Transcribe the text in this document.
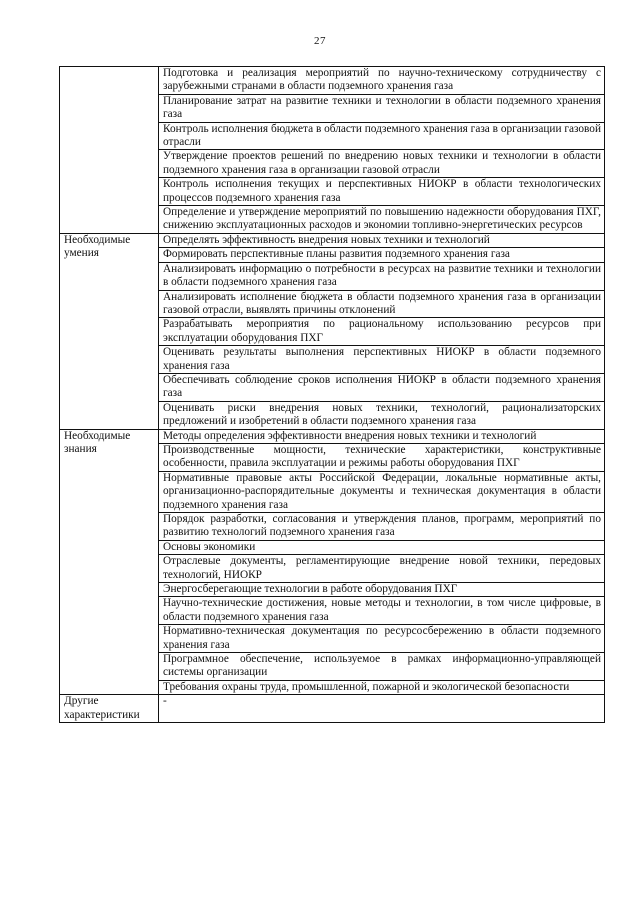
27
	Подготовка и реализация мероприятий по научно-техническому сотрудничеству с зарубежными странами в области подземного хранения газа
	Планирование затрат на развитие техники и технологии в области подземного хранения газа
	Контроль исполнения бюджета в области подземного хранения газа в организации газовой отрасли
	Утверждение проектов решений по внедрению новых техники и технологии в области подземного хранения газа в организации газовой отрасли
	Контроль исполнения текущих и перспективных НИОКР в области технологических процессов подземного хранения газа
	Определение и утверждение мероприятий по повышению надежности оборудования ПХГ, снижению эксплуатационных расходов и экономии топливно-энергетических ресурсов
Необходимые умения	Определять эффективность внедрения новых техники и технологий
	Формировать перспективные планы развития подземного хранения газа
	Анализировать информацию о потребности в ресурсах на развитие техники и технологии в области подземного хранения газа
	Анализировать исполнение бюджета в области подземного хранения газа в организации газовой отрасли, выявлять причины отклонений
	Разрабатывать мероприятия по рациональному использованию ресурсов при эксплуатации оборудования ПХГ
	Оценивать результаты выполнения перспективных НИОКР в области подземного хранения газа
	Обеспечивать соблюдение сроков исполнения НИОКР в области подземного хранения газа
	Оценивать риски внедрения новых техники, технологий, рационализаторских предложений и изобретений в области подземного хранения газа
Необходимые знания	Методы определения эффективности внедрения новых техники и технологий
	Производственные мощности, технические характеристики, конструктивные особенности, правила эксплуатации и режимы работы оборудования ПХГ
	Нормативные правовые акты Российской Федерации, локальные нормативные акты, организационно-распорядительные документы и техническая документация в области подземного хранения газа
	Порядок разработки, согласования и утверждения планов, программ, мероприятий по развитию технологий подземного хранения газа
	Основы экономики
	Отраслевые документы, регламентирующие внедрение новой техники, передовых технологий, НИОКР
	Энергосберегающие технологии в работе оборудования ПХГ
	Научно-технические достижения, новые методы и технологии, в том числе цифровые, в области подземного хранения газа
	Нормативно-техническая документация по ресурсосбережению в области подземного хранения газа
	Программное обеспечение, используемое в рамках информационно-управляющей системы организации
	Требования охраны труда, промышленной, пожарной и экологической безопасности
Другие характеристики	-
